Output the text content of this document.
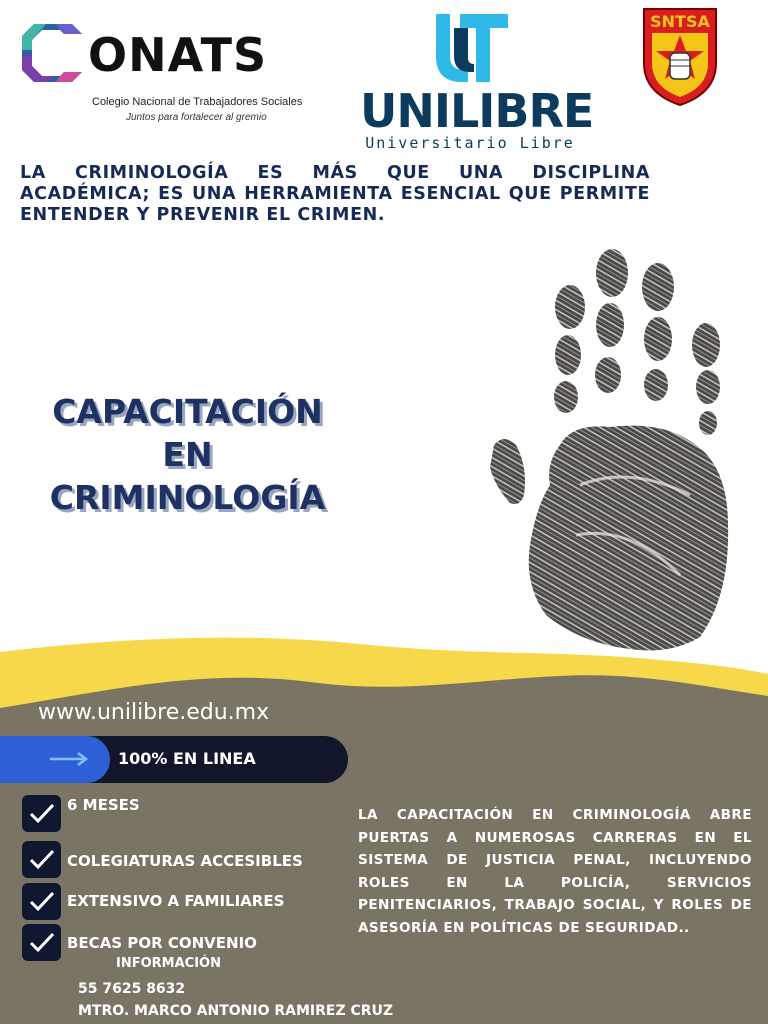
ONATS
Colegio Nacional de Trabajadores Sociales
Juntos para fortalecer al gremio UNILIBRE
Universitario Libre
SNTSA

LA CRIMINOLOGÍA ES MÁS QUE UNA DISCIPLINA ACADÉMICA; ES UNA HERRAMIENTA ESENCIAL QUE PERMITE ENTENDER Y PREVENIR EL CRIMEN.

CAPACITACIÓN
EN
CRIMINOLOGÍA
www.unilibre.edu.mx
100% EN LINEA
6 MESES
COLEGIATURAS ACCESIBLES
EXTENSIVO A FAMILIARES
BECAS POR CONVENIO
INFORMACIÓN
55 7625 8632
MTRO. MARCO ANTONIO RAMIREZ CRUZ

LA CAPACITACIÓN EN CRIMINOLOGÍA ABRE PUERTAS A NUMEROSAS CARRERAS EN EL SISTEMA DE JUSTICIA PENAL, INCLUYENDO ROLES EN LA POLICÍA, SERVICIOS PENITENCIARIOS, TRABAJO SOCIAL, Y ROLES DE ASESORÍA EN POLÍTICAS DE SEGURIDAD..
